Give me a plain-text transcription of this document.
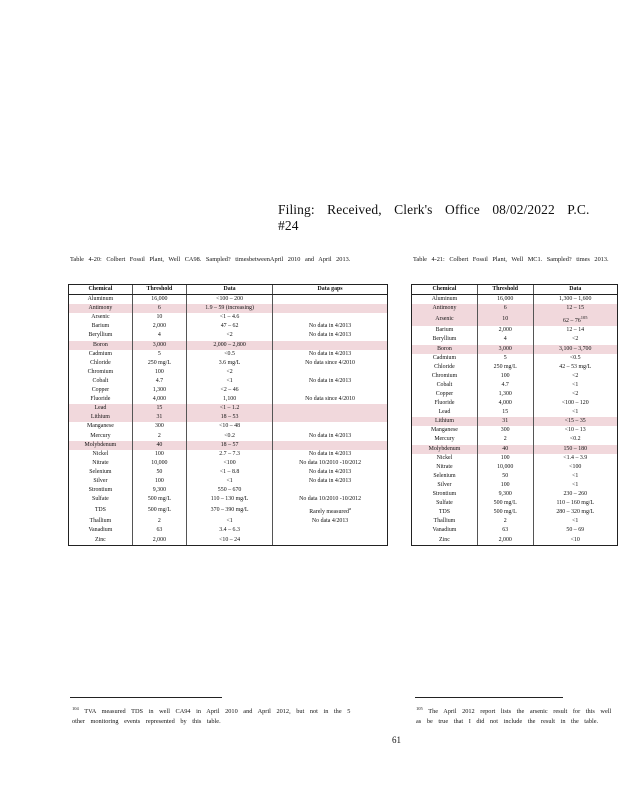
Filing: Received, Clerk's Office 08/02/2022 P.C. #24
Table 4-20: Colbert Fossil Plant, Well CA98. Sampled? timesbetweenApril 2010 and April 2013.	Table 4-21: Colbert Fossil Plant, Well MC1. Sampled? times 2013.
Chemical	Threshold	Data	Data gaps
Aluminum	16,000	<100 – 200	
Antimony	6	1.9 – 59 (increasing)	
Arsenic	10	<1 – 4.6	
Barium	2,000	47 – 62	No data in 4/2013
Beryllium	4	<2	No data in 4/2013
Boron	3,000	2,000 – 2,800	
Cadmium	5	<0.5	No data in 4/2013
Chloride	250 mg/L	3.6 mg/L	No data since 4/2010
Chromium	100	<2	
Cobalt	4.7	<1	No data in 4/2013
Copper	1,300	<2 – 46	
Fluoride	4,000	1,100	No data since 4/2010
Lead	15	<1 – 1.2	
Lithium	31	18 – 53	
Manganese	300	<10 – 48	
Mercury	2	<0.2	No data in 4/2013
Molybdenum	40	18 – 57	
Nickel	100	2.7 – 7.3	No data in 4/2013
Nitrate	10,000	<100	No data 10/2010 -10/2012
Selenium	50	<1 – 8.8	No data in 4/2013
Silver	100	<1	No data in 4/2013
Strontium	9,300	550 – 670	
Sulfate	500 mg/L	110 – 130 mg/L	No data 10/2010 -10/2012
TDS	500 mg/L	370 – 390 mg/L	Rarely measured$^a$
Thallium	2	<1	No data 4/2013
Vanadium	63	3.4 – 6.3	
Zinc	2,000	<10 – 24	
Chemical	Threshold	Data
Aluminum	16,000	1,300 – 1,600
Antimony	6	12 – 15
Arsenic	10	62 – 76$^{105}$
Barium	2,000	12 – 14
Beryllium	4	<2
Boron	3,000	3,100 – 3,700
Cadmium	5	<0.5
Chloride	250 mg/L	42 – 53 mg/L
Chromium	100	<2
Cobalt	4.7	<1
Copper	1,300	<2
Fluoride	4,000	<100 – 120
Lead	15	<1
Lithium	31	<15 – 35
Manganese	300	<10 – 13
Mercury	2	<0.2
Molybdenum	40	150 – 180
Nickel	100	<1.4 – 3.9
Nitrate	10,000	<100
Selenium	50	<1
Silver	100	<1
Strontium	9,300	230 – 260
Sulfate	500 mg/L	110 – 160 mg/L
TDS	500 mg/L	280 – 320 mg/L
Thallium	2	<1
Vanadium	63	50 – 69
Zinc	2,000	<10
$^{104}$ TVA measured TDS in well CA94 in April 2010 and April 2012, but not in the 5 other monitoring events represented by this table.
$^{105}$ The April 2012 report lists the arsenic result for this well as be true that I did not include the result in the table.
61
